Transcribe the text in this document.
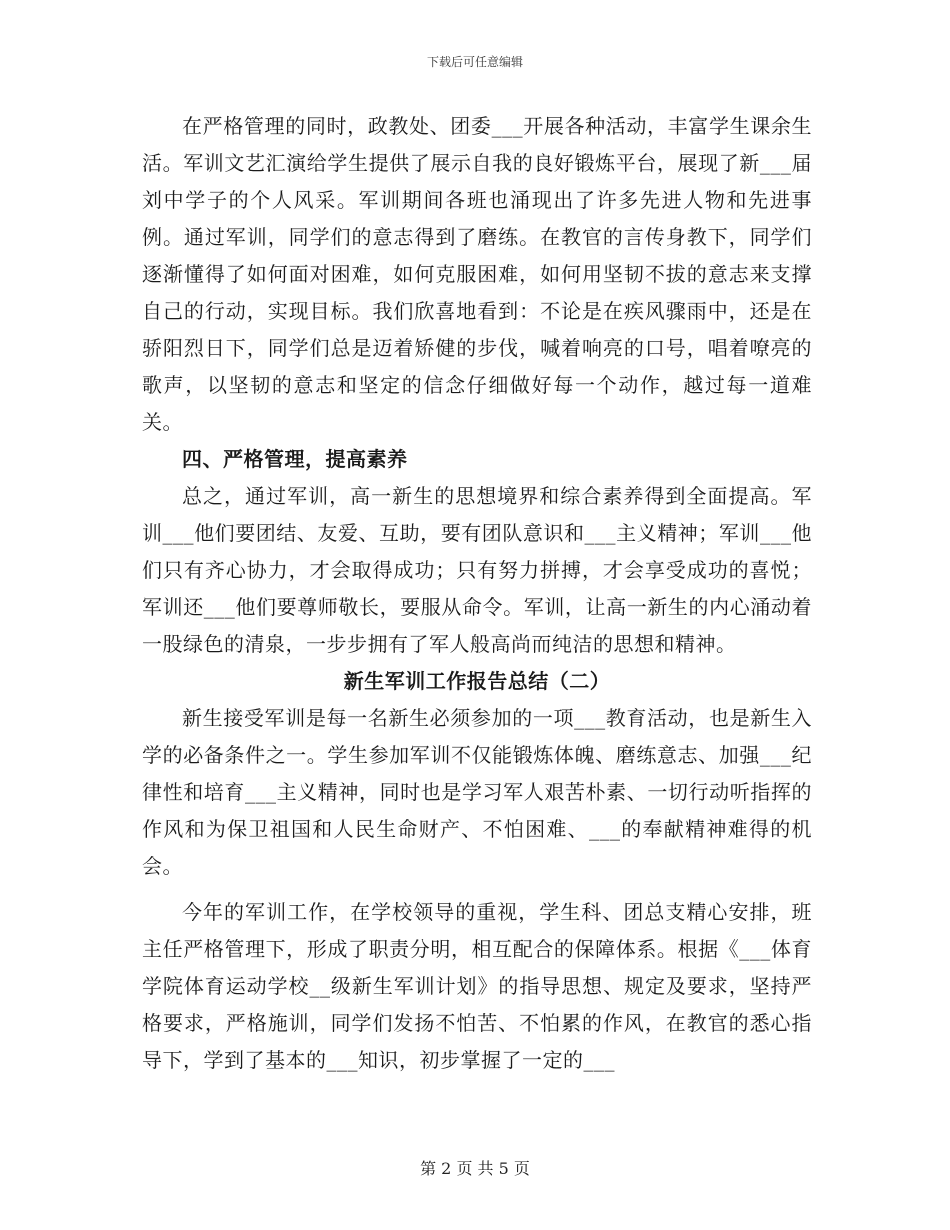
下载后可任意编辑

在严格管理的同时，政教处、团委___开展各种活动，丰富学生课余生活。军训文艺汇演给学生提供了展示自我的良好锻炼平台，展现了新___届刘中学子的个人风采。军训期间各班也涌现出了许多先进人物和先进事例。通过军训，同学们的意志得到了磨练。在教官的言传身教下，同学们逐渐懂得了如何面对困难，如何克服困难，如何用坚韧不拔的意志来支撑自己的行动，实现目标。我们欣喜地看到：不论是在疾风骤雨中，还是在骄阳烈日下，同学们总是迈着矫健的步伐，喊着响亮的口号，唱着嘹亮的歌声，以坚韧的意志和坚定的信念仔细做好每一个动作，越过每一道难关。

四、严格管理，提高素养

总之，通过军训，高一新生的思想境界和综合素养得到全面提高。军训___他们要团结、友爱、互助，要有团队意识和___主义精神；军训___他们只有齐心协力，才会取得成功；只有努力拼搏，才会享受成功的喜悦；军训还___他们要尊师敬长，要服从命令。军训，让高一新生的内心涌动着一股绿色的清泉，一步步拥有了军人般高尚而纯洁的思想和精神。

新生军训工作报告总结（二）

新生接受军训是每一名新生必须参加的一项___教育活动，也是新生入学的必备条件之一。学生参加军训不仅能锻炼体魄、磨练意志、加强___纪律性和培育___主义精神，同时也是学习军人艰苦朴素、一切行动听指挥的作风和为保卫祖国和人民生命财产、不怕困难、___的奉献精神难得的机会。

今年的军训工作，在学校领导的重视，学生科、团总支精心安排，班主任严格管理下，形成了职责分明，相互配合的保障体系。根据《___体育学院体育运动学校__级新生军训计划》的指导思想、规定及要求，坚持严格要求，严格施训，同学们发扬不怕苦、不怕累的作风，在教官的悉心指导下，学到了基本的___知识，初步掌握了一定的___

第 2 页 共 5 页
